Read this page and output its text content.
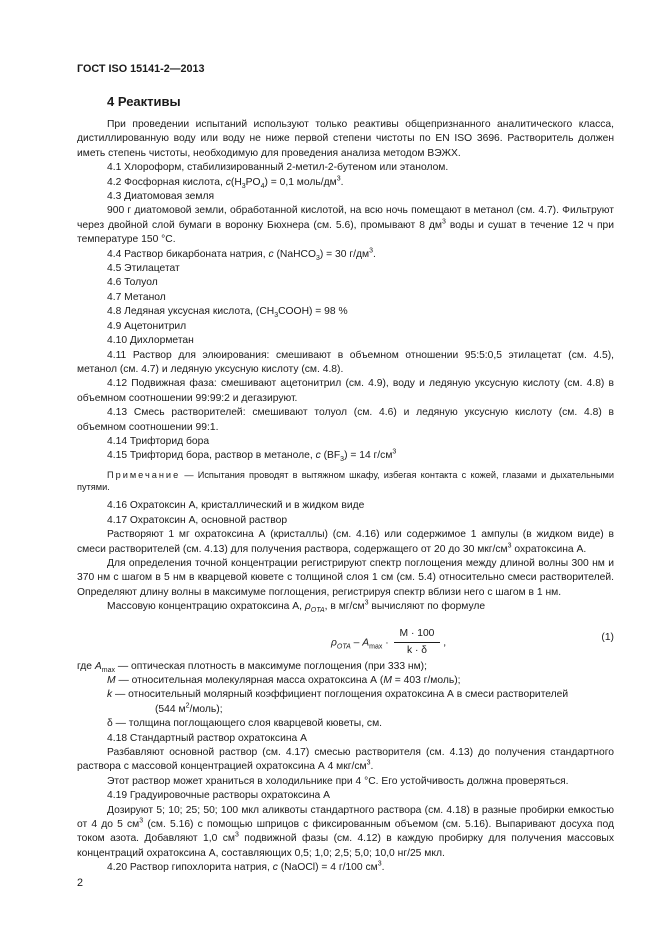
ГОСТ ISO 15141-2—2013
4 Реактивы

При проведении испытаний используют только реактивы общепризнанного аналитического класса, дистиллированную воду или воду не ниже первой степени чистоты по EN ISO 3696. Растворитель должен иметь степень чистоты, необходимую для проведения анализа методом ВЭЖХ.

4.1 Хлороформ, стабилизированный 2-метил-2-бутеном или этанолом.

4.2 Фосфорная кислота, $c(H_3PO_4) = 0,1$ моль/$дм^3$.

4.3 Диатомовая земля

900 г диатомовой земли, обработанной кислотой, на всю ночь помещают в метанол (см. 4.7). Фильтруют через двойной слой бумаги в воронку Бюхнера (см. 5.6), промывают 8 $дм^3$ воды и сушат в течение 12 ч при температуре 150 °С.

4.4 Раствор бикарбоната натрия, c (NaHCO$_3$) = 30 $г/дм^3$.

4.5 Этилацетат

4.6 Толуол

4.7 Метанол

4.8 Ледяная уксусная кислота, $(CH_3COOH) = 98$ %

4.9 Ацетонитрил

4.10 Дихлорметан

4.11 Раствор для элюирования: смешивают в объемном отношении 95:5:0,5 этилацетат (см. 4.5), метанол (см. 4.7) и ледяную уксусную кислоту (см. 4.8).

4.12 Подвижная фаза: смешивают ацетонитрил (см. 4.9), воду и ледяную уксусную кислоту (см. 4.8) в объемном соотношении 99:99:2 и дегазируют.

4.13 Смесь растворителей: смешивают толуол (см. 4.6) и ледяную уксусную кислоту (см. 4.8) в объемном соотношении 99:1.

4.14 Трифторид бора

4.15 Трифторид бора, раствор в метаноле, c $(BF_3) = 14$ $г/см^3$

Примечание — Испытания проводят в вытяжном шкафу, избегая контакта с кожей, глазами и дыхательными путями.

4.16 Охратоксин А, кристаллический и в жидком виде

4.17 Охратоксин А, основной раствор

Растворяют 1 мг охратоксина А (кристаллы) (см. 4.16) или содержимое 1 ампулы (в жидком виде) в смеси растворителей (см. 4.13) для получения раствора, содержащего от 20 до 30 мкг/$см^3$ охратоксина А.

Для определения точной концентрации регистрируют спектр поглощения между длиной волны 300 нм и 370 нм с шагом в 5 нм в кварцевой кювете с толщиной слоя 1 см (см. 5.4) относительно смеси растворителей. Определяют длину волны в максимуме поглощения, регистрируя спектр вблизи него с шагом в 1 нм.

Массовую концентрацию охратоксина А, $\rho_{OTA}$, в $мг/см^3$ вычисляют по формуле

$\rho_{OTA} - A_{max} \cdot \frac{M \cdot 100}{k \cdot \delta}$ ,
(1)

где $A_{max}$ — оптическая плотность в максимуме поглощения (при 333 нм);

M — относительная молекулярная масса охратоксина А (M = 403 г/моль);

k — относительный молярный коэффициент поглощения охратоксина А в смеси растворителей
(544 $м^2/моль$);

δ — толщина поглощающего слоя кварцевой кюветы, см.

4.18 Стандартный раствор охратоксина А

Разбавляют основной раствор (см. 4.17) смесью растворителя (см. 4.13) до получения стандартного раствора с массовой концентрацией охратоксина А 4 мкг/$см^3$.

Этот раствор может храниться в холодильнике при 4 °С. Его устойчивость должна проверяться.

4.19 Градуировочные растворы охратоксина А

Дозируют 5; 10; 25; 50; 100 мкл аликвоты стандартного раствора (см. 4.18) в разные пробирки емкостью от 4 до 5 $см^3$ (см. 5.16) с помощью шприцов с фиксированным объемом (см. 5.16). Выпаривают досуха под током азота. Добавляют 1,0 $см^3$ подвижной фазы (см. 4.12) в каждую пробирку для получения массовых концентраций охратоксина А, составляющих 0,5; 1,0; 2,5; 5,0; 10,0 нг/25 мкл.

4.20 Раствор гипохлорита натрия, c (NaOCl) = 4 г/100 $см^3$.

2
